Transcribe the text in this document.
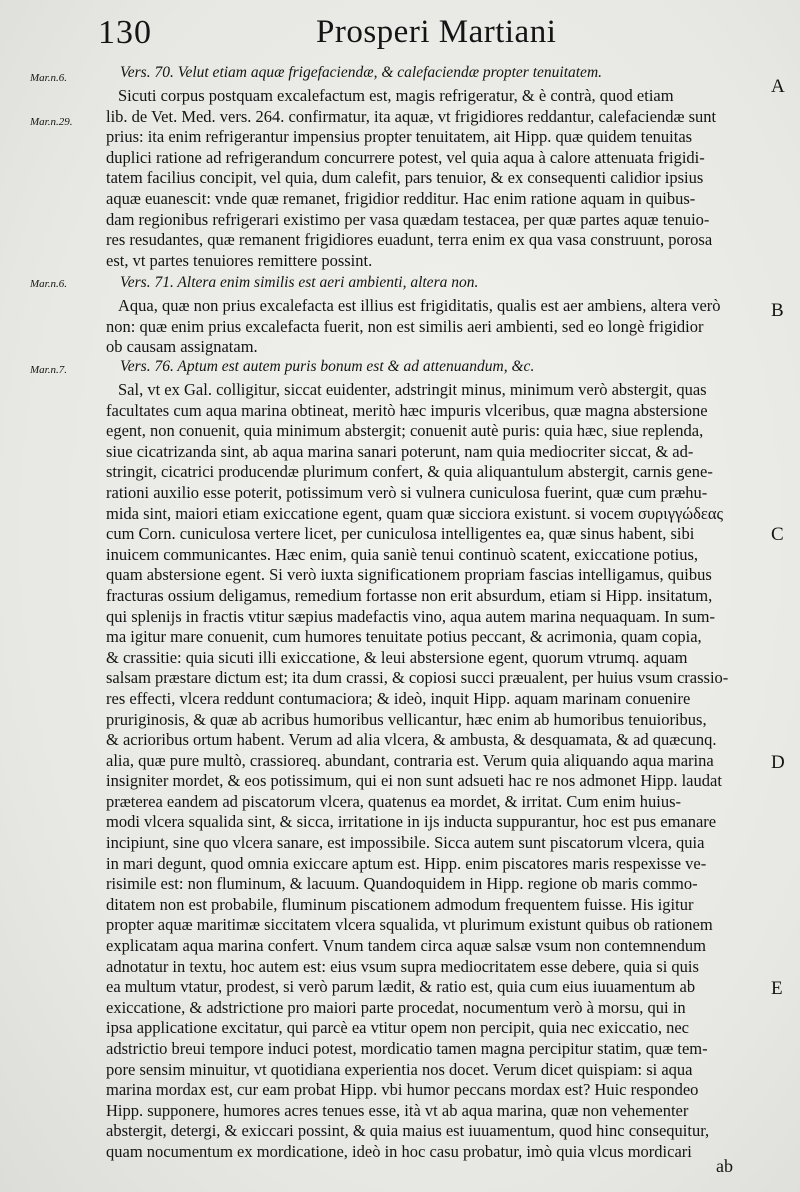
130	Prosperi Martiani
Mar.n.6.
Mar.n.29.
Mar.n.6.
Mar.n.7.
A
B
C
D
E
Vers. 70. Velut etiam aquæ frigefaciendæ, & calefaciendæ propter tenuitatem.
Sicuti corpus postquam excalefactum est, magis refrigeratur, & è contrà, quod etiam
lib. de Vet. Med. vers. 264. confirmatur, ita aquæ, vt frigidiores reddantur, calefaciendæ sunt
prius: ita enim refrigerantur impensius propter tenuitatem, ait Hipp. quæ quidem tenuitas
duplici ratione ad refrigerandum concurrere potest, vel quia aqua à calore attenuata frigidi-
tatem facilius concipit, vel quia, dum calefit, pars tenuior, & ex consequenti calidior ipsius
aquæ euanescit: vnde quæ remanet, frigidior redditur. Hac enim ratione aquam in quibus-
dam regionibus refrigerari existimo per vasa quædam testacea, per quæ partes aquæ tenuio-
res resudantes, quæ remanent frigidiores euadunt, terra enim ex qua vasa construunt, porosa
est, vt partes tenuiores remittere possint.
Vers. 71. Altera enim similis est aeri ambienti, altera non.
Aqua, quæ non prius excalefacta est illius est frigiditatis, qualis est aer ambiens, altera verò
non: quæ enim prius excalefacta fuerit, non est similis aeri ambienti, sed eo longè frigidior
ob causam assignatam.
Vers. 76. Aptum est autem puris bonum est & ad attenuandum, &c.
Sal, vt ex Gal. colligitur, siccat euidenter, adstringit minus, minimum verò abstergit, quas
facultates cum aqua marina obtineat, meritò hæc impuris vlceribus, quæ magna abstersione
egent, non conuenit, quia minimum abstergit; conuenit autè puris: quia hæc, siue replenda,
siue cicatrizanda sint, ab aqua marina sanari poterunt, nam quia mediocriter siccat, & ad-
stringit, cicatrici producendæ plurimum confert, & quia aliquantulum abstergit, carnis gene-
rationi auxilio esse poterit, potissimum verò si vulnera cuniculosa fuerint, quæ cum præhu-
mida sint, maiori etiam exiccatione egent, quam quæ sicciora existunt. si vocem συριγγώδεας
cum Corn. cuniculosa vertere licet, per cuniculosa intelligentes ea, quæ sinus habent, sibi
inuicem communicantes. Hæc enim, quia saniè tenui continuò scatent, exiccatione potius,
quam abstersione egent. Si verò iuxta significationem propriam fascias intelligamus, quibus
fracturas ossium deligamus, remedium fortasse non erit absurdum, etiam si Hipp. insitatum,
qui splenijs in fractis vtitur sæpius madefactis vino, aqua autem marina nequaquam. In sum-
ma igitur mare conuenit, cum humores tenuitate potius peccant, & acrimonia, quam copia,
& crassitie: quia sicuti illi exiccatione, & leui abstersione egent, quorum vtrumq. aquam
salsam præstare dictum est; ita dum crassi, & copiosi succi præualent, per huius vsum crassio-
res effecti, vlcera reddunt contumaciora; & ideò, inquit Hipp. aquam marinam conuenire
pruriginosis, & quæ ab acribus humoribus vellicantur, hæc enim ab humoribus tenuioribus,
& acrioribus ortum habent. Verum ad alia vlcera, & ambusta, & desquamata, & ad quæcunq.
alia, quæ pure multò, crassioreq. abundant, contraria est. Verum quia aliquando aqua marina
insigniter mordet, & eos potissimum, qui ei non sunt adsueti hac re nos admonet Hipp. laudat
præterea eandem ad piscatorum vlcera, quatenus ea mordet, & irritat. Cum enim huius-
modi vlcera squalida sint, & sicca, irritatione in ijs inducta suppurantur, hoc est pus emanare
incipiunt, sine quo vlcera sanare, est impossibile. Sicca autem sunt piscatorum vlcera, quia
in mari degunt, quod omnia exiccare aptum est. Hipp. enim piscatores maris respexisse ve-
risimile est: non fluminum, & lacuum. Quandoquidem in Hipp. regione ob maris commo-
ditatem non est probabile, fluminum piscationem admodum frequentem fuisse. His igitur
propter aquæ maritimæ siccitatem vlcera squalida, vt plurimum existunt quibus ob rationem
explicatam aqua marina confert. Vnum tandem circa aquæ salsæ vsum non contemnendum
adnotatur in textu, hoc autem est: eius vsum supra mediocritatem esse debere, quia si quis
ea multum vtatur, prodest, si verò parum lædit, & ratio est, quia cum eius iuuamentum ab
exiccatione, & adstrictione pro maiori parte procedat, nocumentum verò à morsu, qui in
ipsa applicatione excitatur, qui parcè ea vtitur opem non percipit, quia nec exiccatio, nec
adstrictio breui tempore induci potest, mordicatio tamen magna percipitur statim, quæ tem-
pore sensim minuitur, vt quotidiana experientia nos docet. Verum dicet quispiam: si aqua
marina mordax est, cur eam probat Hipp. vbi humor peccans mordax est? Huic respondeo
Hipp. supponere, humores acres tenues esse, ità vt ab aqua marina, quæ non vehementer
abstergit, detergi, & exiccari possint, & quia maius est iuuamentum, quod hinc consequitur,
quam nocumentum ex mordicatione, ideò in hoc casu probatur, imò quia vlcus mordicari
ab
